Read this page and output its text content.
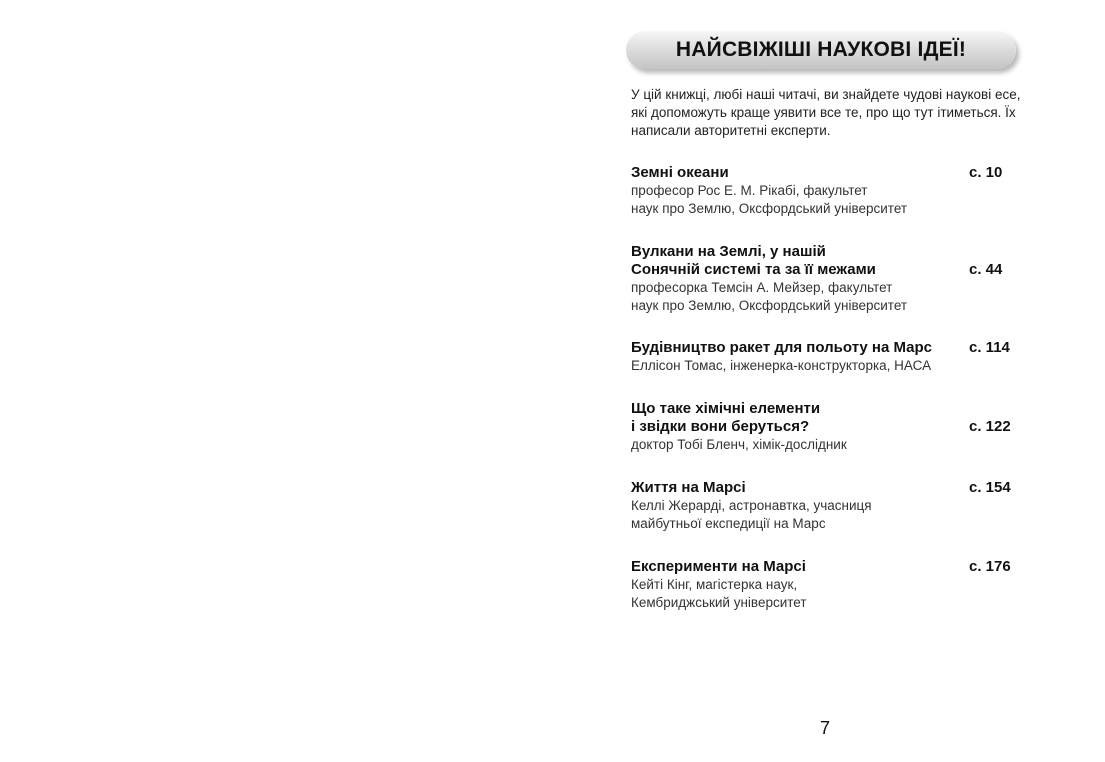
НАЙСВІЖІШІ НАУКОВІ ІДЕЇ!
У цій книжці, любі наші читачі, ви знайдете чудові наукові есе, які допоможуть краще уявити все те, про що тут ітиметься. Їх написали авторитетні експерти.
Земні океани
професор Рос Е. М. Рікабі, факультет
наук про Землю, Оксфордський університет
с. 10
Вулкани на Землі, у нашій
Сонячній системі та за її межами
професорка Темсін А. Мейзер, факультет
наук про Землю, Оксфордський університет
с. 44
Будівництво ракет для польоту на Марс
Еллісон Томас, інженерка-конструкторка, НАСА
с. 114
Що таке хімічні елементи
і звідки вони беруться?
доктор Тобі Бленч, хімік-дослідник
с. 122
Життя на Марсі
Келлі Жерарді, астронавтка, учасниця
майбутньої експедиції на Марс
с. 154
Експерименти на Марсі
Кейті Кінг, магістерка наук,
Кембриджський університет
с. 176
7
